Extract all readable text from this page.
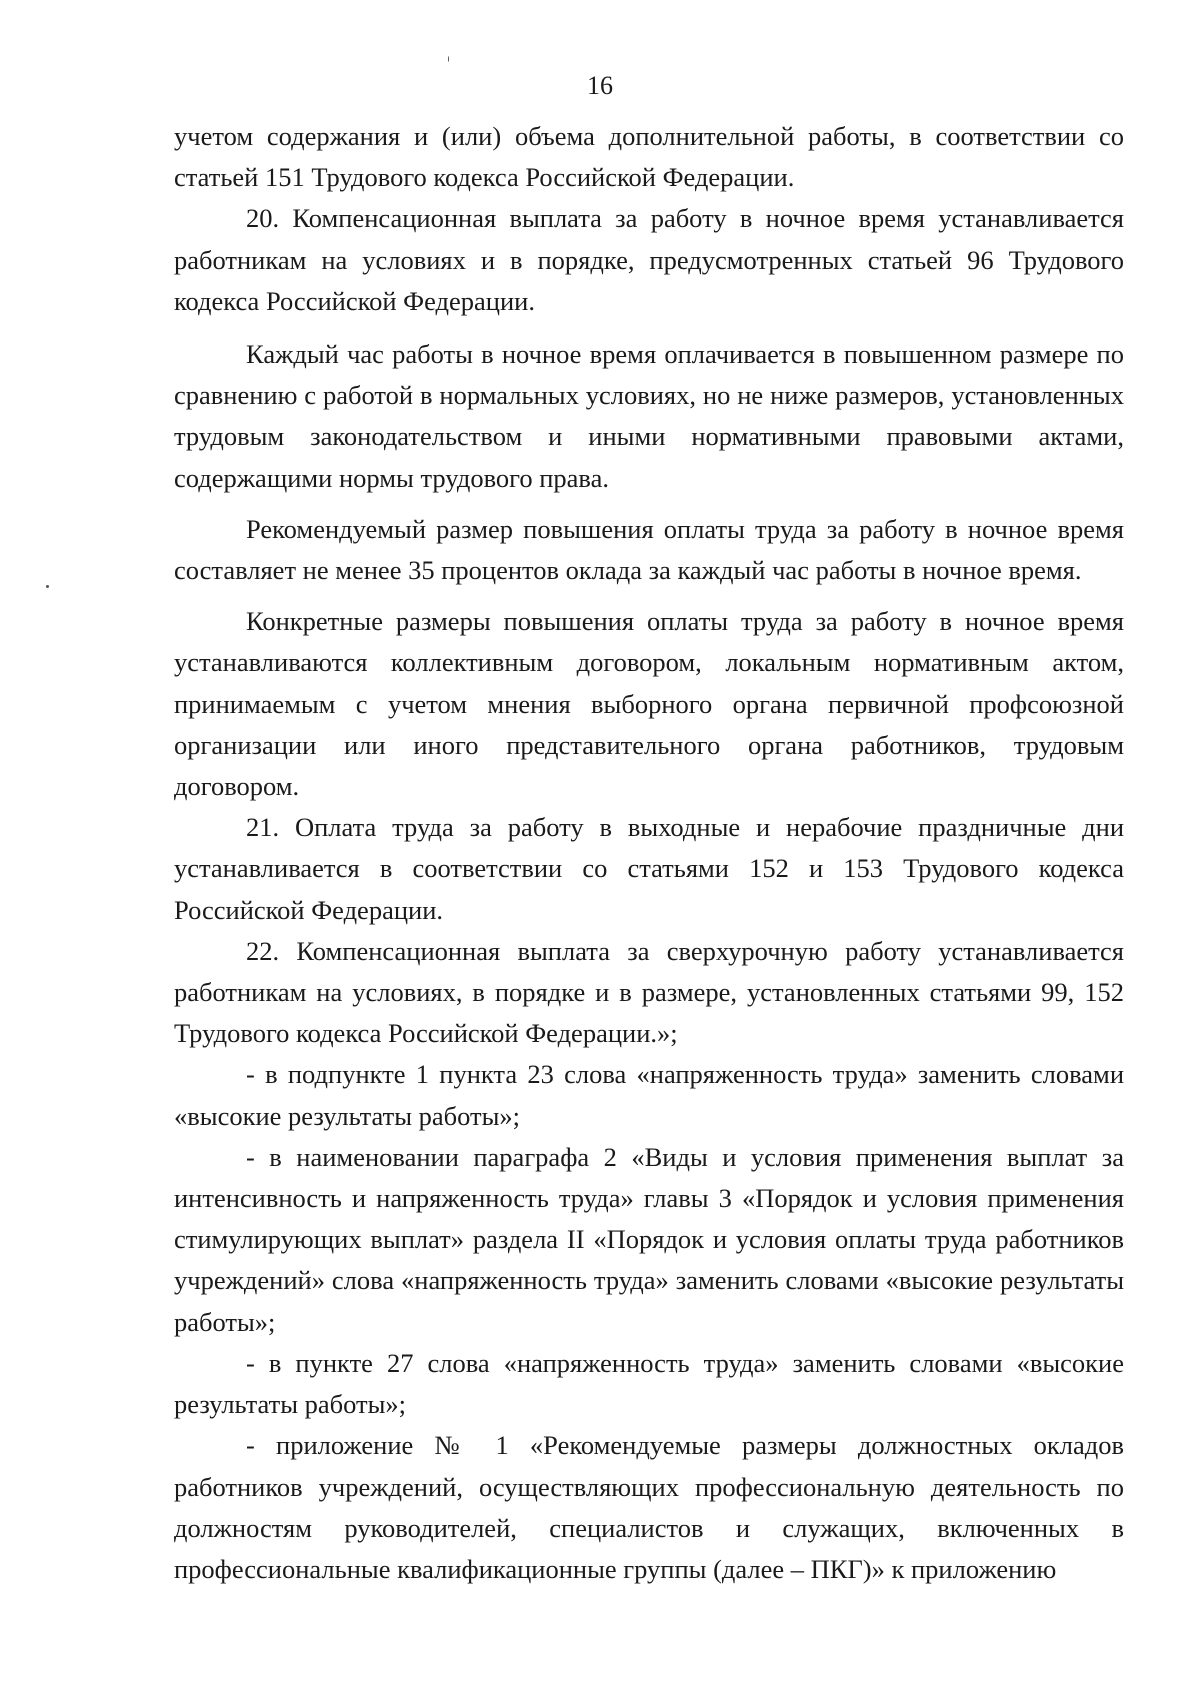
16

учетом содержания и (или) объема дополнительной работы, в соответствии со статьей 151 Трудового кодекса Российской Федерации.

20. Компенсационная выплата за работу в ночное время устанавливается работникам на условиях и в порядке, предусмотренных статьей 96 Трудового кодекса Российской Федерации.

Каждый час работы в ночное время оплачивается в повышенном размере по сравнению с работой в нормальных условиях, но не ниже размеров, установленных трудовым законодательством и иными нормативными правовыми актами, содержащими нормы трудового права.

Рекомендуемый размер повышения оплаты труда за работу в ночное время составляет не менее 35 процентов оклада за каждый час работы в ночное время.

Конкретные размеры повышения оплаты труда за работу в ночное время устанавливаются коллективным договором, локальным нормативным актом, принимаемым с учетом мнения выборного органа первичной профсоюзной организации или иного представительного органа работников, трудовым договором.

21. Оплата труда за работу в выходные и нерабочие праздничные дни устанавливается в соответствии со статьями 152 и 153 Трудового кодекса Российской Федерации.

22. Компенсационная выплата за сверхурочную работу устанавливается работникам на условиях, в порядке и в размере, установленных статьями 99, 152 Трудового кодекса Российской Федерации.»;

- в подпункте 1 пункта 23 слова «напряженность труда» заменить словами «высокие результаты работы»;

- в наименовании параграфа 2 «Виды и условия применения выплат за интенсивность и напряженность труда» главы 3 «Порядок и условия применения стимулирующих выплат» раздела II «Порядок и условия оплаты труда работников учреждений» слова «напряженность труда» заменить словами «высокие результаты работы»;

- в пункте 27 слова «напряженность труда» заменить словами «высокие результаты работы»;

- приложение № 1 «Рекомендуемые размеры должностных окладов работников учреждений, осуществляющих профессиональную деятельность по должностям руководителей, специалистов и служащих, включенных в профессиональные квалификационные группы (далее – ПКГ)» к приложению
